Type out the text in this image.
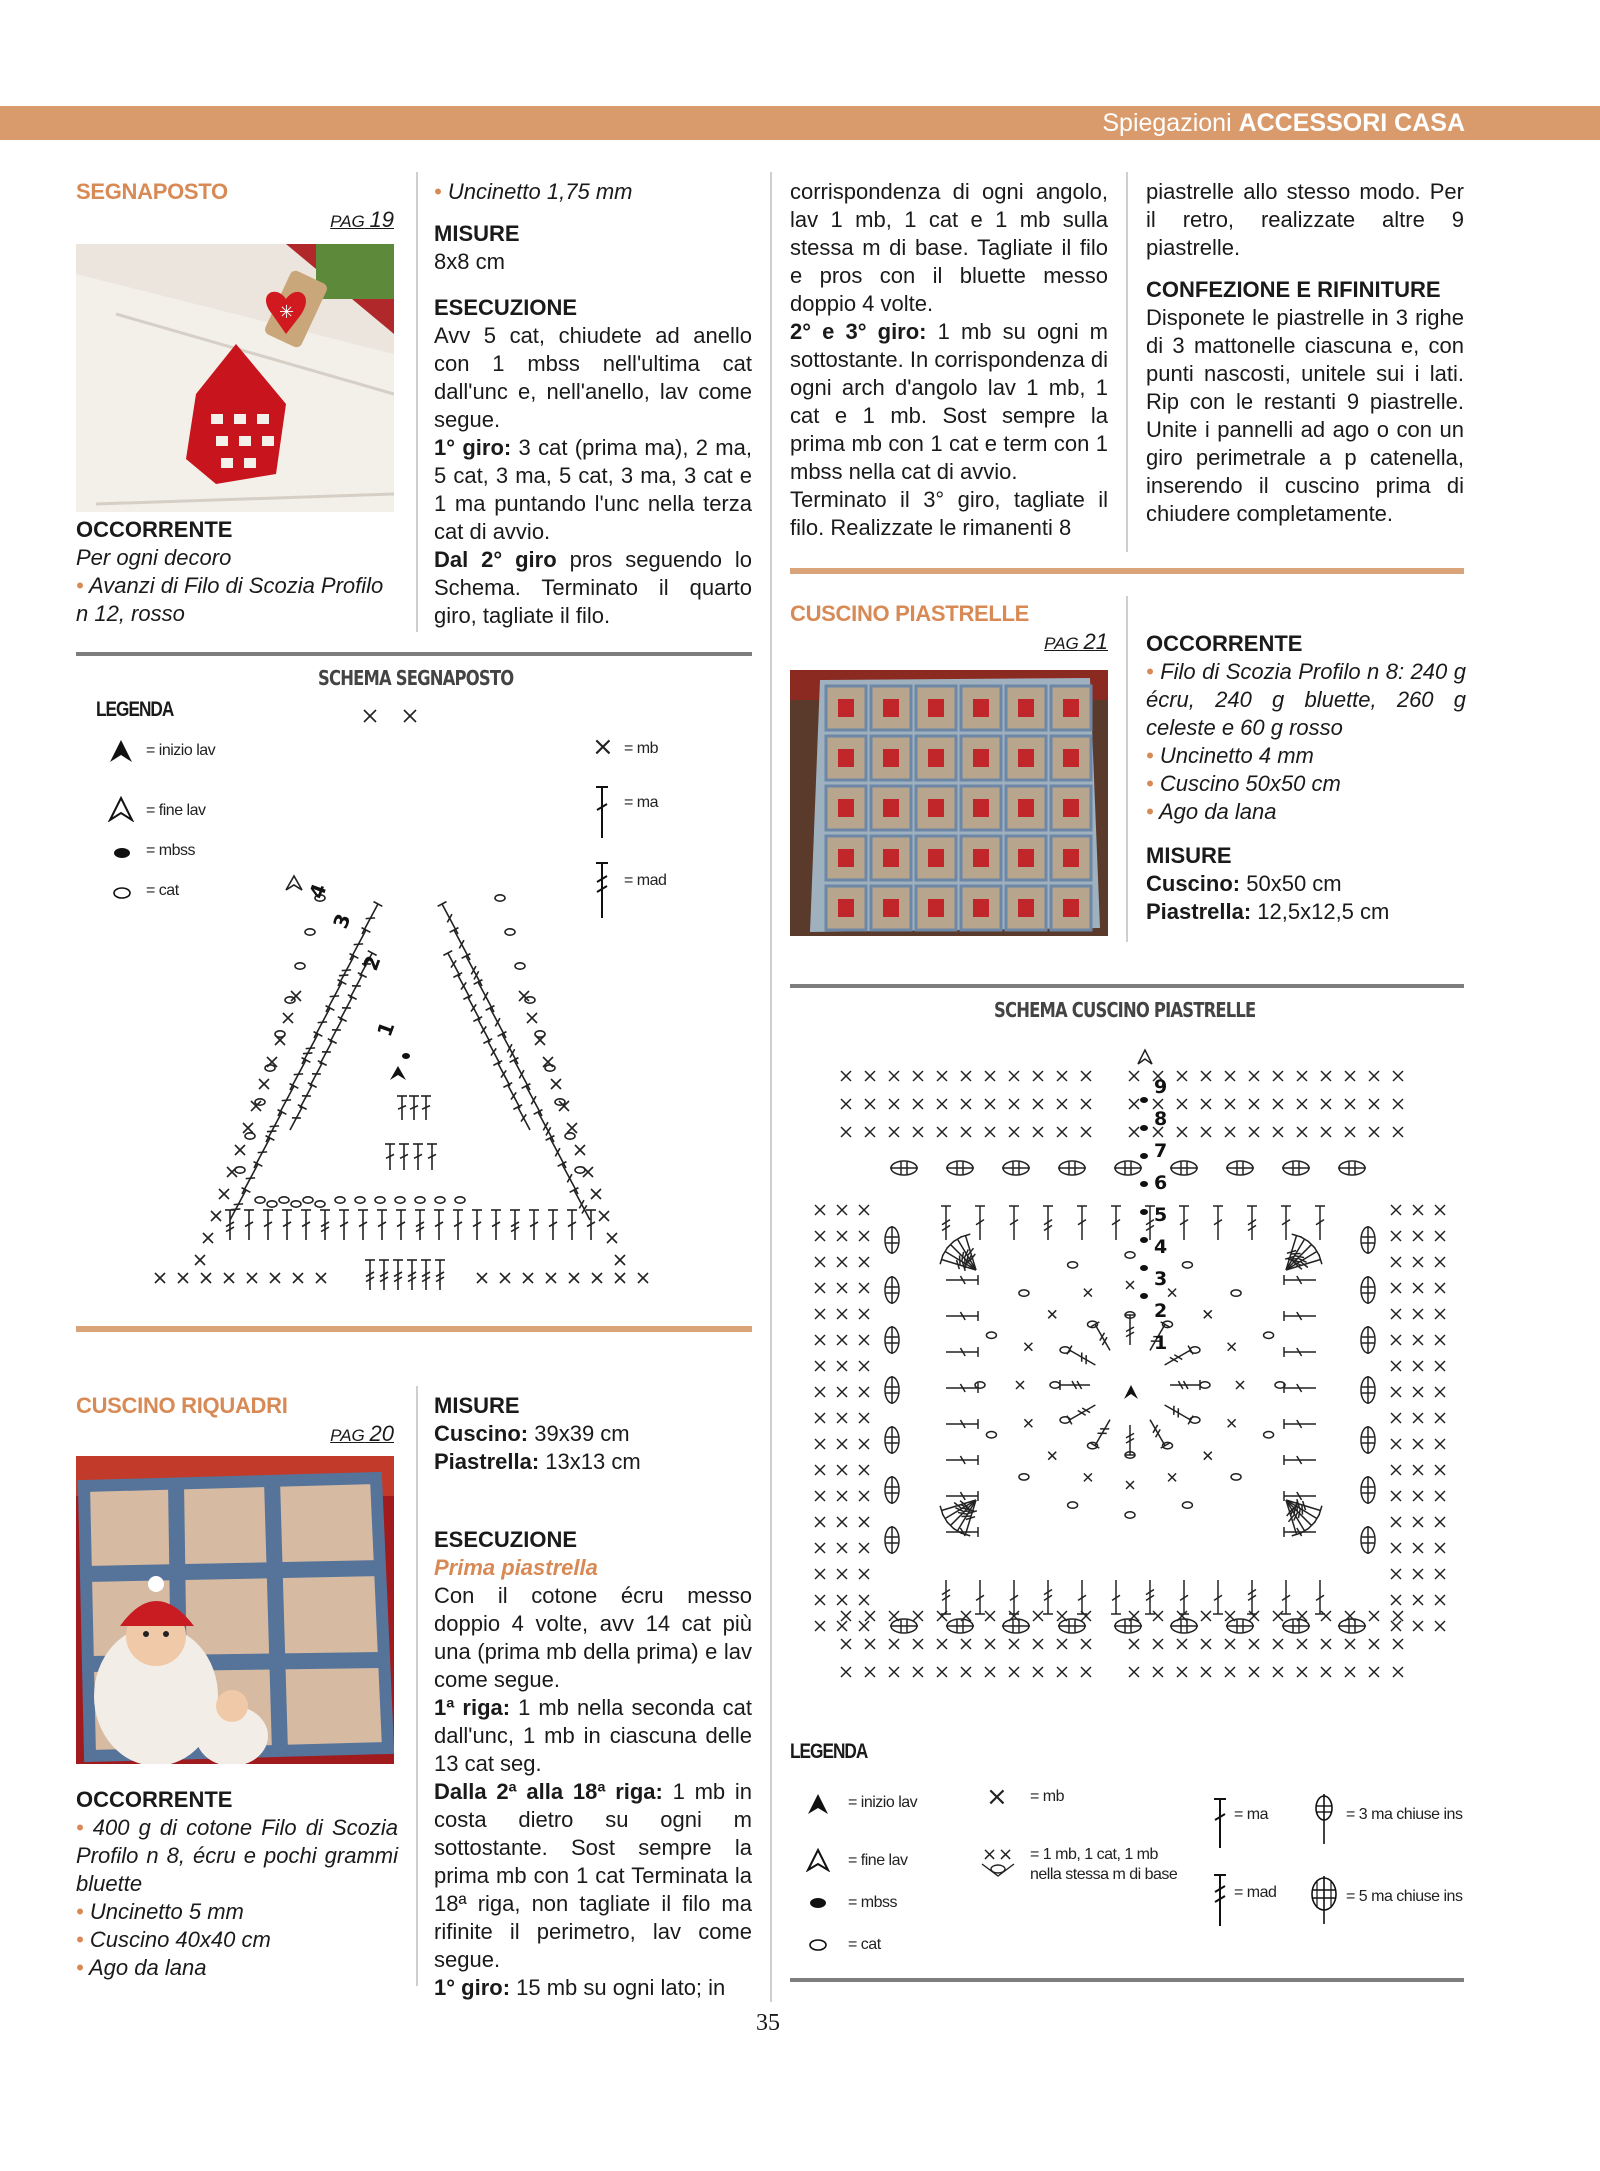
Spiegazioni ACCESSORI CASA
SEGNAPOSTO
PAG 19
✳
OCCORRENTE
Per ogni decoro
• Avanzi di Filo di Scozia Profilo n 12, rosso
• Uncinetto 1,75 mm
MISURE
8x8 cm
ESECUZIONE
Avv 5 cat, chiudete ad anello con 1 mbss nell'ultima cat dall'unc e, nell'anello, lav come segue.
1° giro: 3 cat (prima ma), 2 ma, 5 cat, 3 ma, 5 cat, 3 ma, 3 cat e 1 ma puntando l'unc nella terza cat di avvio.
Dal 2° giro pros seguendo lo Schema. Terminato il quarto giro, tagliate il filo.
SCHEMA SEGNAPOSTO
LEGENDA
= inizio lav
= fine lav
= mbss
= cat
× = mb
= ma
= mad
1
2
3
4
CUSCINO RIQUADRI
PAG 20
OCCORRENTE
• 400 g di cotone Filo di Scozia Profilo n 8, écru e pochi grammi bluette
• Uncinetto 5 mm
• Cuscino 40x40 cm
• Ago da lana
MISURE
Cuscino: 39x39 cm
Piastrella: 13x13 cm
ESECUZIONE
Prima piastrella
Con il cotone écru messo doppio 4 volte, avv 14 cat più una (prima mb della prima) e lav come segue.
1ª riga: 1 mb nella seconda cat dall'unc, 1 mb in ciascuna delle 13 cat seg.
Dalla 2ª alla 18ª riga: 1 mb in costa dietro su ogni m sottostante. Sost sempre la prima mb con 1 cat Terminata la 18ª riga, non tagliate il filo ma rifinite il perimetro, lav come segue.
1° giro: 15 mb su ogni lato; in
corrispondenza di ogni angolo, lav 1 mb, 1 cat e 1 mb sulla stessa m di base. Tagliate il filo e pros con il bluette messo doppio 4 volte.
2° e 3° giro: 1 mb su ogni m sottostante. In corrispondenza di ogni arch d'angolo lav 1 mb, 1 cat e 1 mb. Sost sempre la prima mb con 1 cat e term con 1 mbss nella cat di avvio.
Terminato il 3° giro, tagliate il filo. Realizzate le rimanenti 8
piastrelle allo stesso modo. Per il retro, realizzate altre 9 piastrelle.
CONFEZIONE E RIFINITURE
Disponete le piastrelle in 3 righe di 3 mattonelle ciascuna e, con punti nascosti, unitele sui i lati. Rip con le restanti 9 piastrelle. Unite i pannelli ad ago o con un giro perimetrale a p catenella, inserendo il cuscino prima di chiudere completamente.
CUSCINO PIASTRELLE
PAG 21 OCCORRENTE
• Filo di Scozia Profilo n 8: 240 g écru, 240 g bluette, 260 g celeste e 60 g rosso
• Uncinetto 4 mm
• Cuscino 50x50 cm
• Ago da lana
MISURE
Cuscino: 50x50 cm
Piastrella: 12,5x12,5 cm
SCHEMA CUSCINO PIASTRELLE
1
2
3
4
5
6
7
8
9
LEGENDA
= inizio lav
= fine lav
= mbss
= cat
× = mb
× × = 1 mb, 1 cat, 1 mb
nella stessa m di base
= ma
= mad
= 3 ma chiuse ins
= 5 ma chiuse ins
35
